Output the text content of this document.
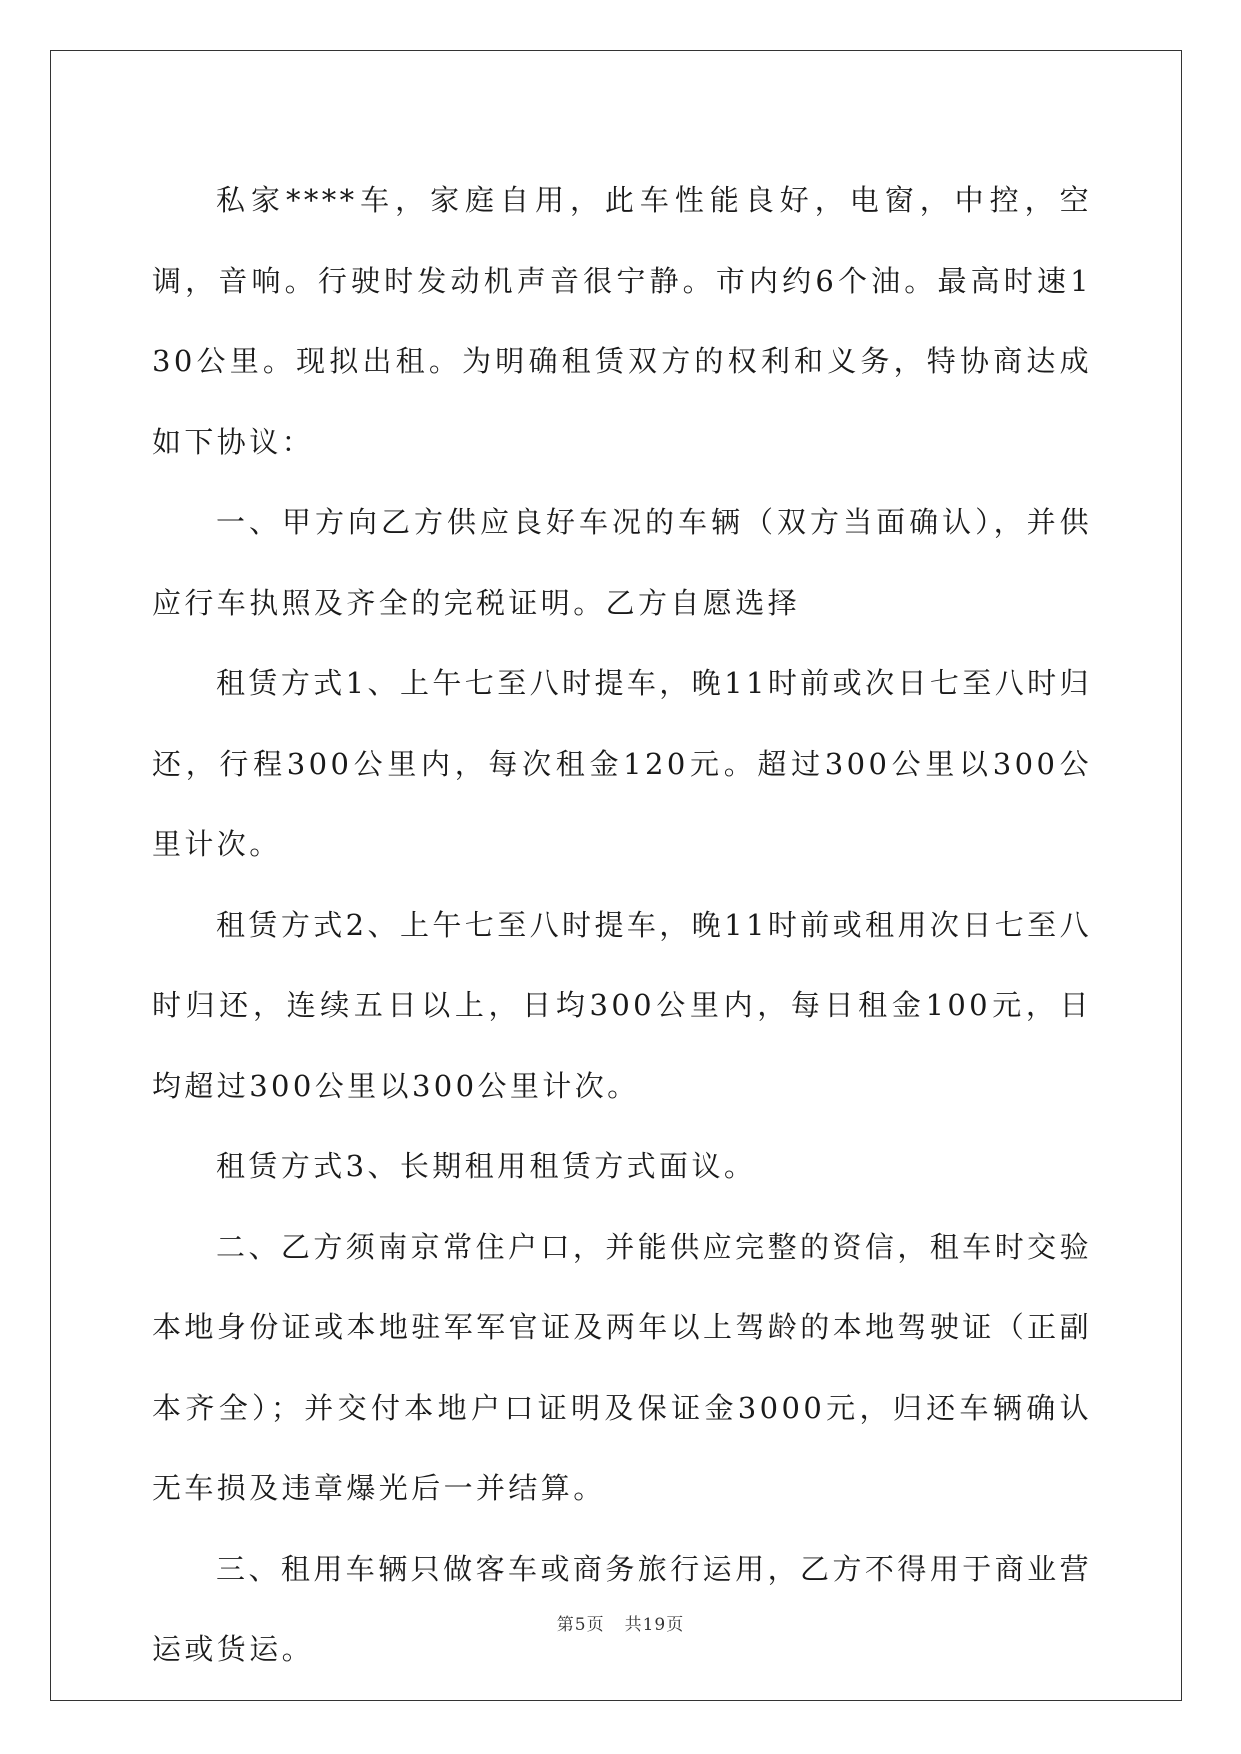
私家****车，家庭自用，此车性能良好，电窗，中控，空调，音响。行驶时发动机声音很宁静。市内约6个油。最高时速130公里。现拟出租。为明确租赁双方的权利和义务，特协商达成如下协议：

一、甲方向乙方供应良好车况的车辆（双方当面确认），并供应行车执照及齐全的完税证明。乙方自愿选择

租赁方式1、上午七至八时提车，晚11时前或次日七至八时归还，行程300公里内，每次租金120元。超过300公里以300公里计次。

租赁方式2、上午七至八时提车，晚11时前或租用次日七至八时归还，连续五日以上，日均300公里内，每日租金100元，日均超过300公里以300公里计次。

租赁方式3、长期租用租赁方式面议。

二、乙方须南京常住户口，并能供应完整的资信，租车时交验本地身份证或本地驻军军官证及两年以上驾龄的本地驾驶证（正副本齐全）；并交付本地户口证明及保证金3000元，归还车辆确认无车损及违章爆光后一并结算。

三、租用车辆只做客车或商务旅行运用，乙方不得用于商业营运或货运。

第5页 共19页
